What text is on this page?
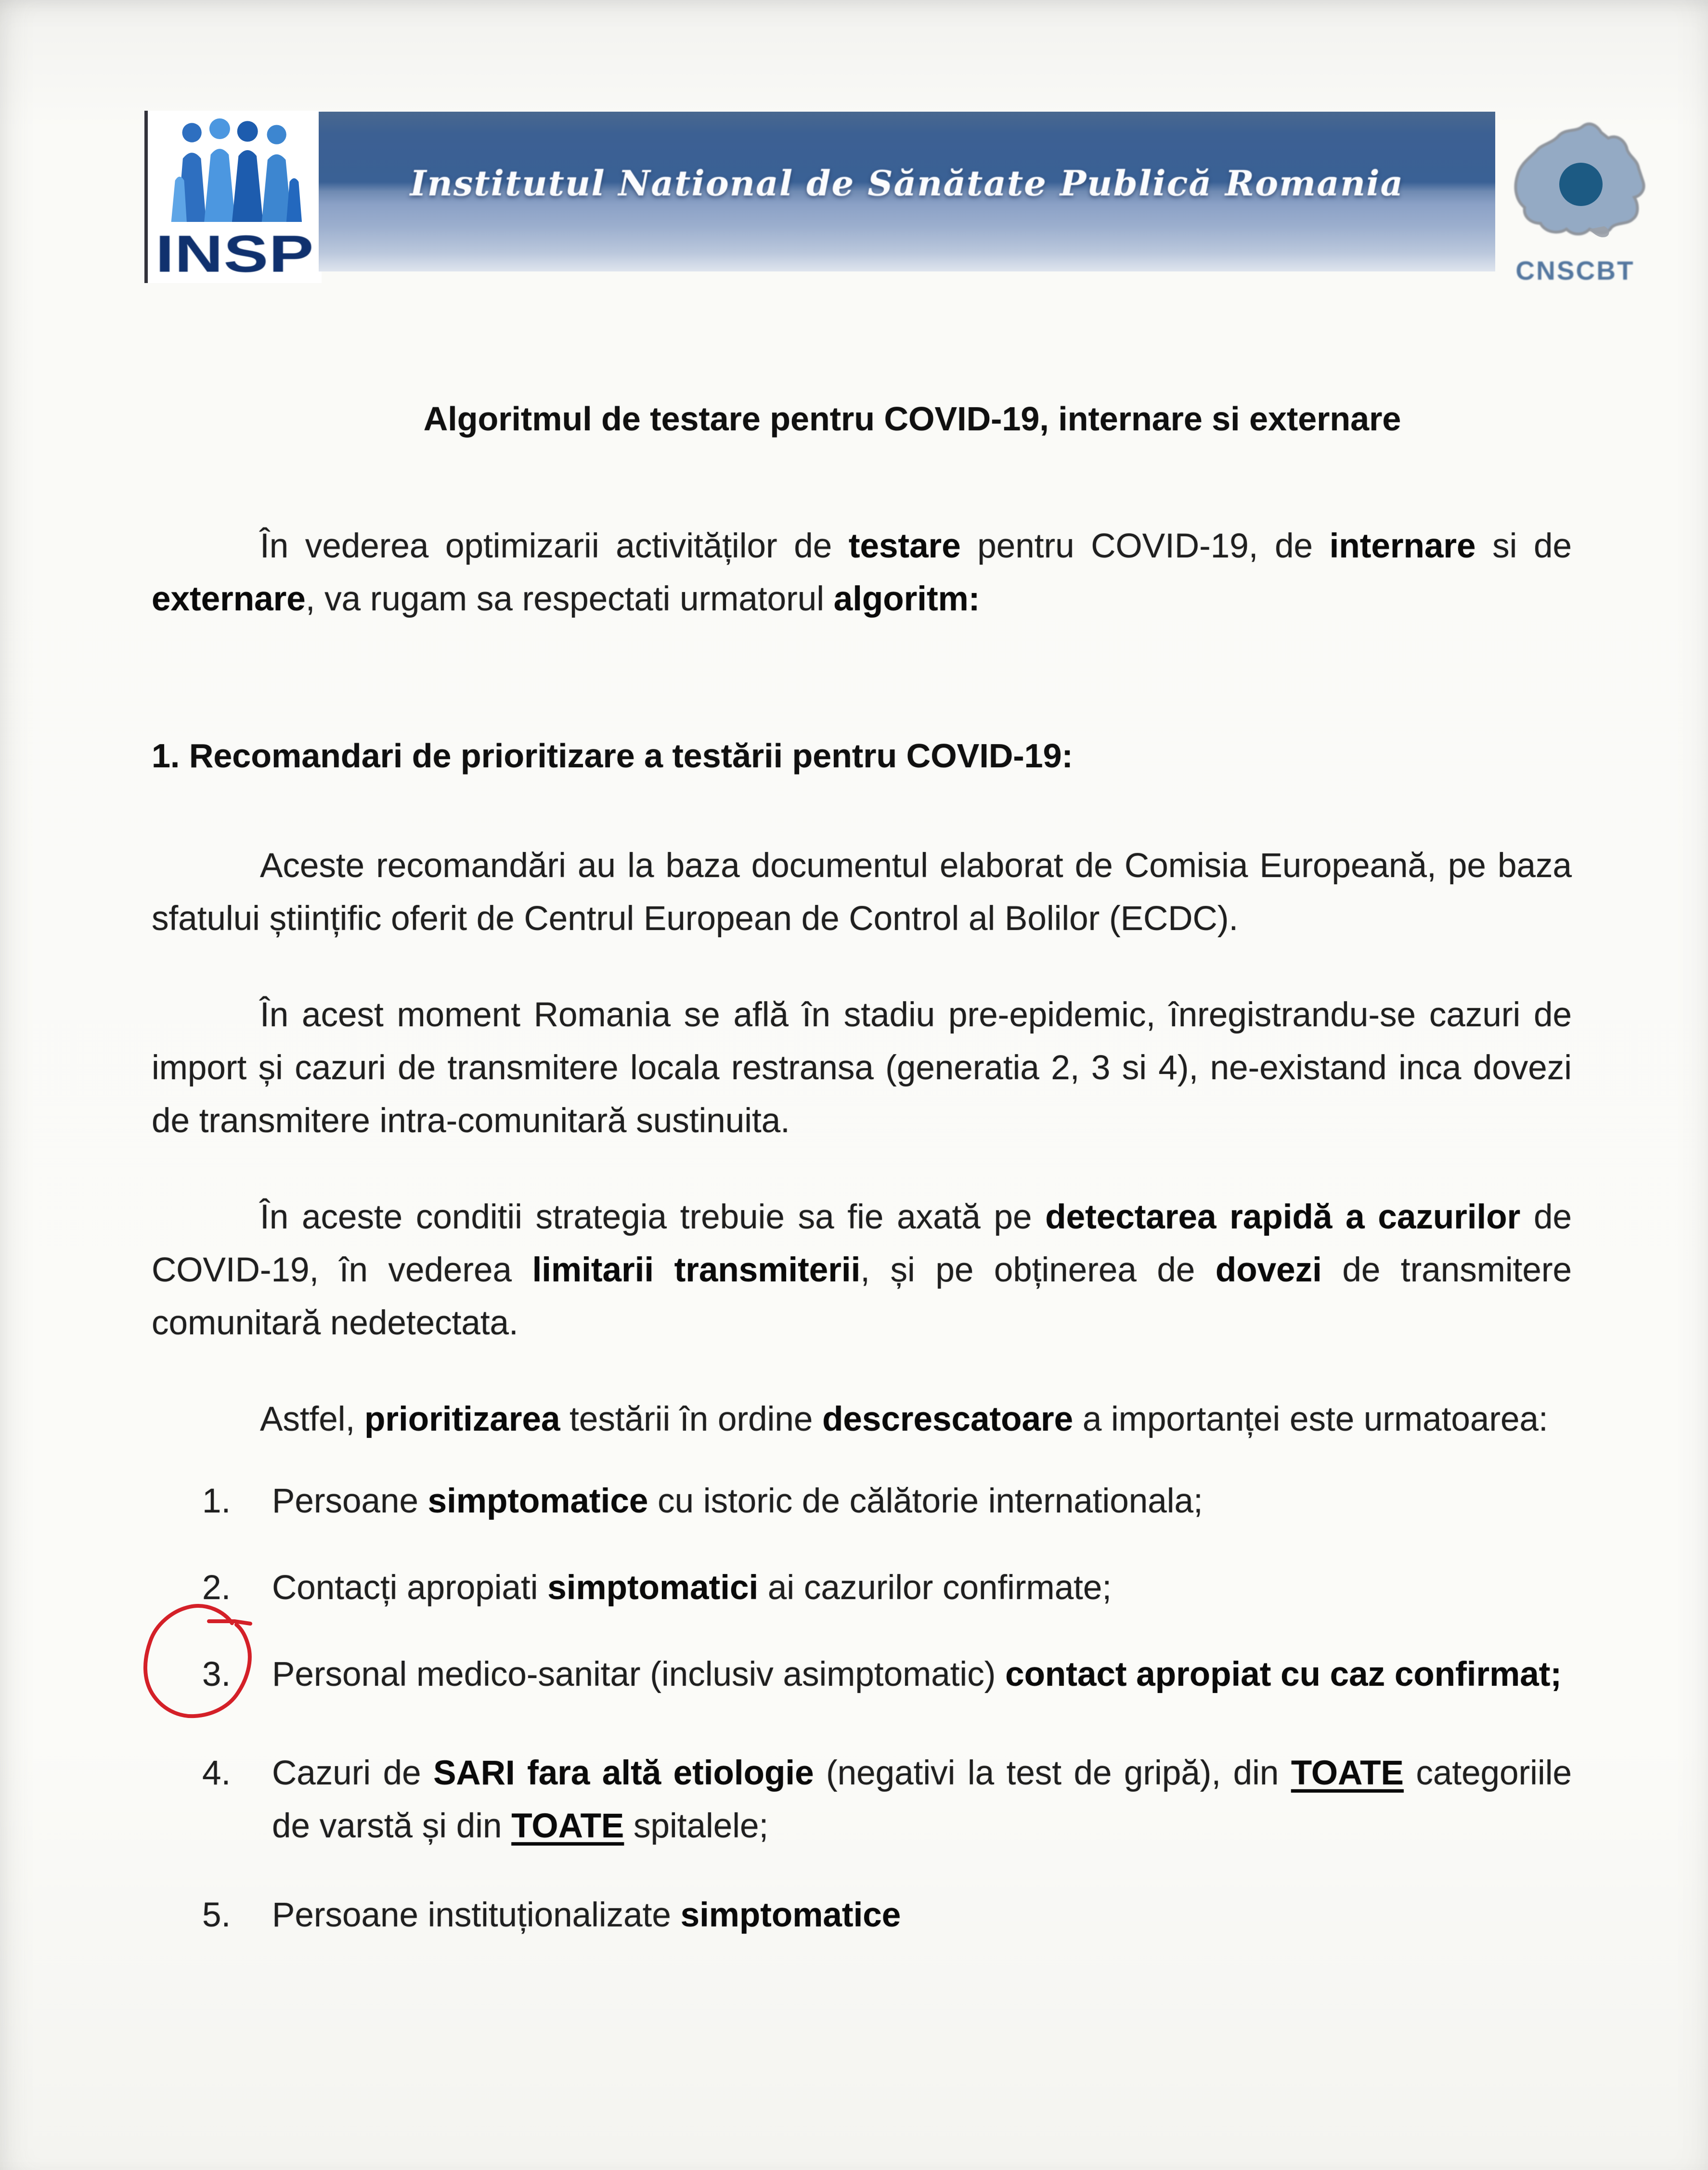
INSP
Institutul National de Sănătate Publică Romania
CNSCBT
Algoritmul de testare pentru COVID-19, internare si externare

În vederea optimizarii activităților de testare pentru COVID-19, de internare si de externare, va rugam sa respectati urmatorul algoritm:

1. Recomandari de prioritizare a testării pentru COVID-19:

Aceste recomandări au la baza documentul elaborat de Comisia Europeană, pe baza sfatului științific oferit de Centrul European de Control al Bolilor (ECDC).

În acest moment Romania se află în stadiu pre-epidemic, înregistrandu-se cazuri de import și cazuri de transmitere locala restransa (generatia 2, 3 si 4), ne-existand inca dovezi de transmitere intra-comunitară sustinuita.

În aceste conditii strategia trebuie sa fie axată pe detectarea rapidă a cazurilor de COVID-19, în vederea limitarii transmiterii, și pe obținerea de dovezi de transmitere comunitară nedetectata.

Astfel, prioritizarea testării în ordine descrescatoare a importanței este urmatoarea:

1. Persoane simptomatice cu istoric de călătorie internationala;
2. Contacți apropiati simptomatici ai cazurilor confirmate;
3. Personal medico-sanitar (inclusiv asimptomatic) contact apropiat cu caz confirmat;
4. Cazuri de SARI fara altă etiologie (negativi la test de gripă), din TOATE categoriile de varstă și din TOATE spitalele;
5. Persoane instituționalizate simptomatice
